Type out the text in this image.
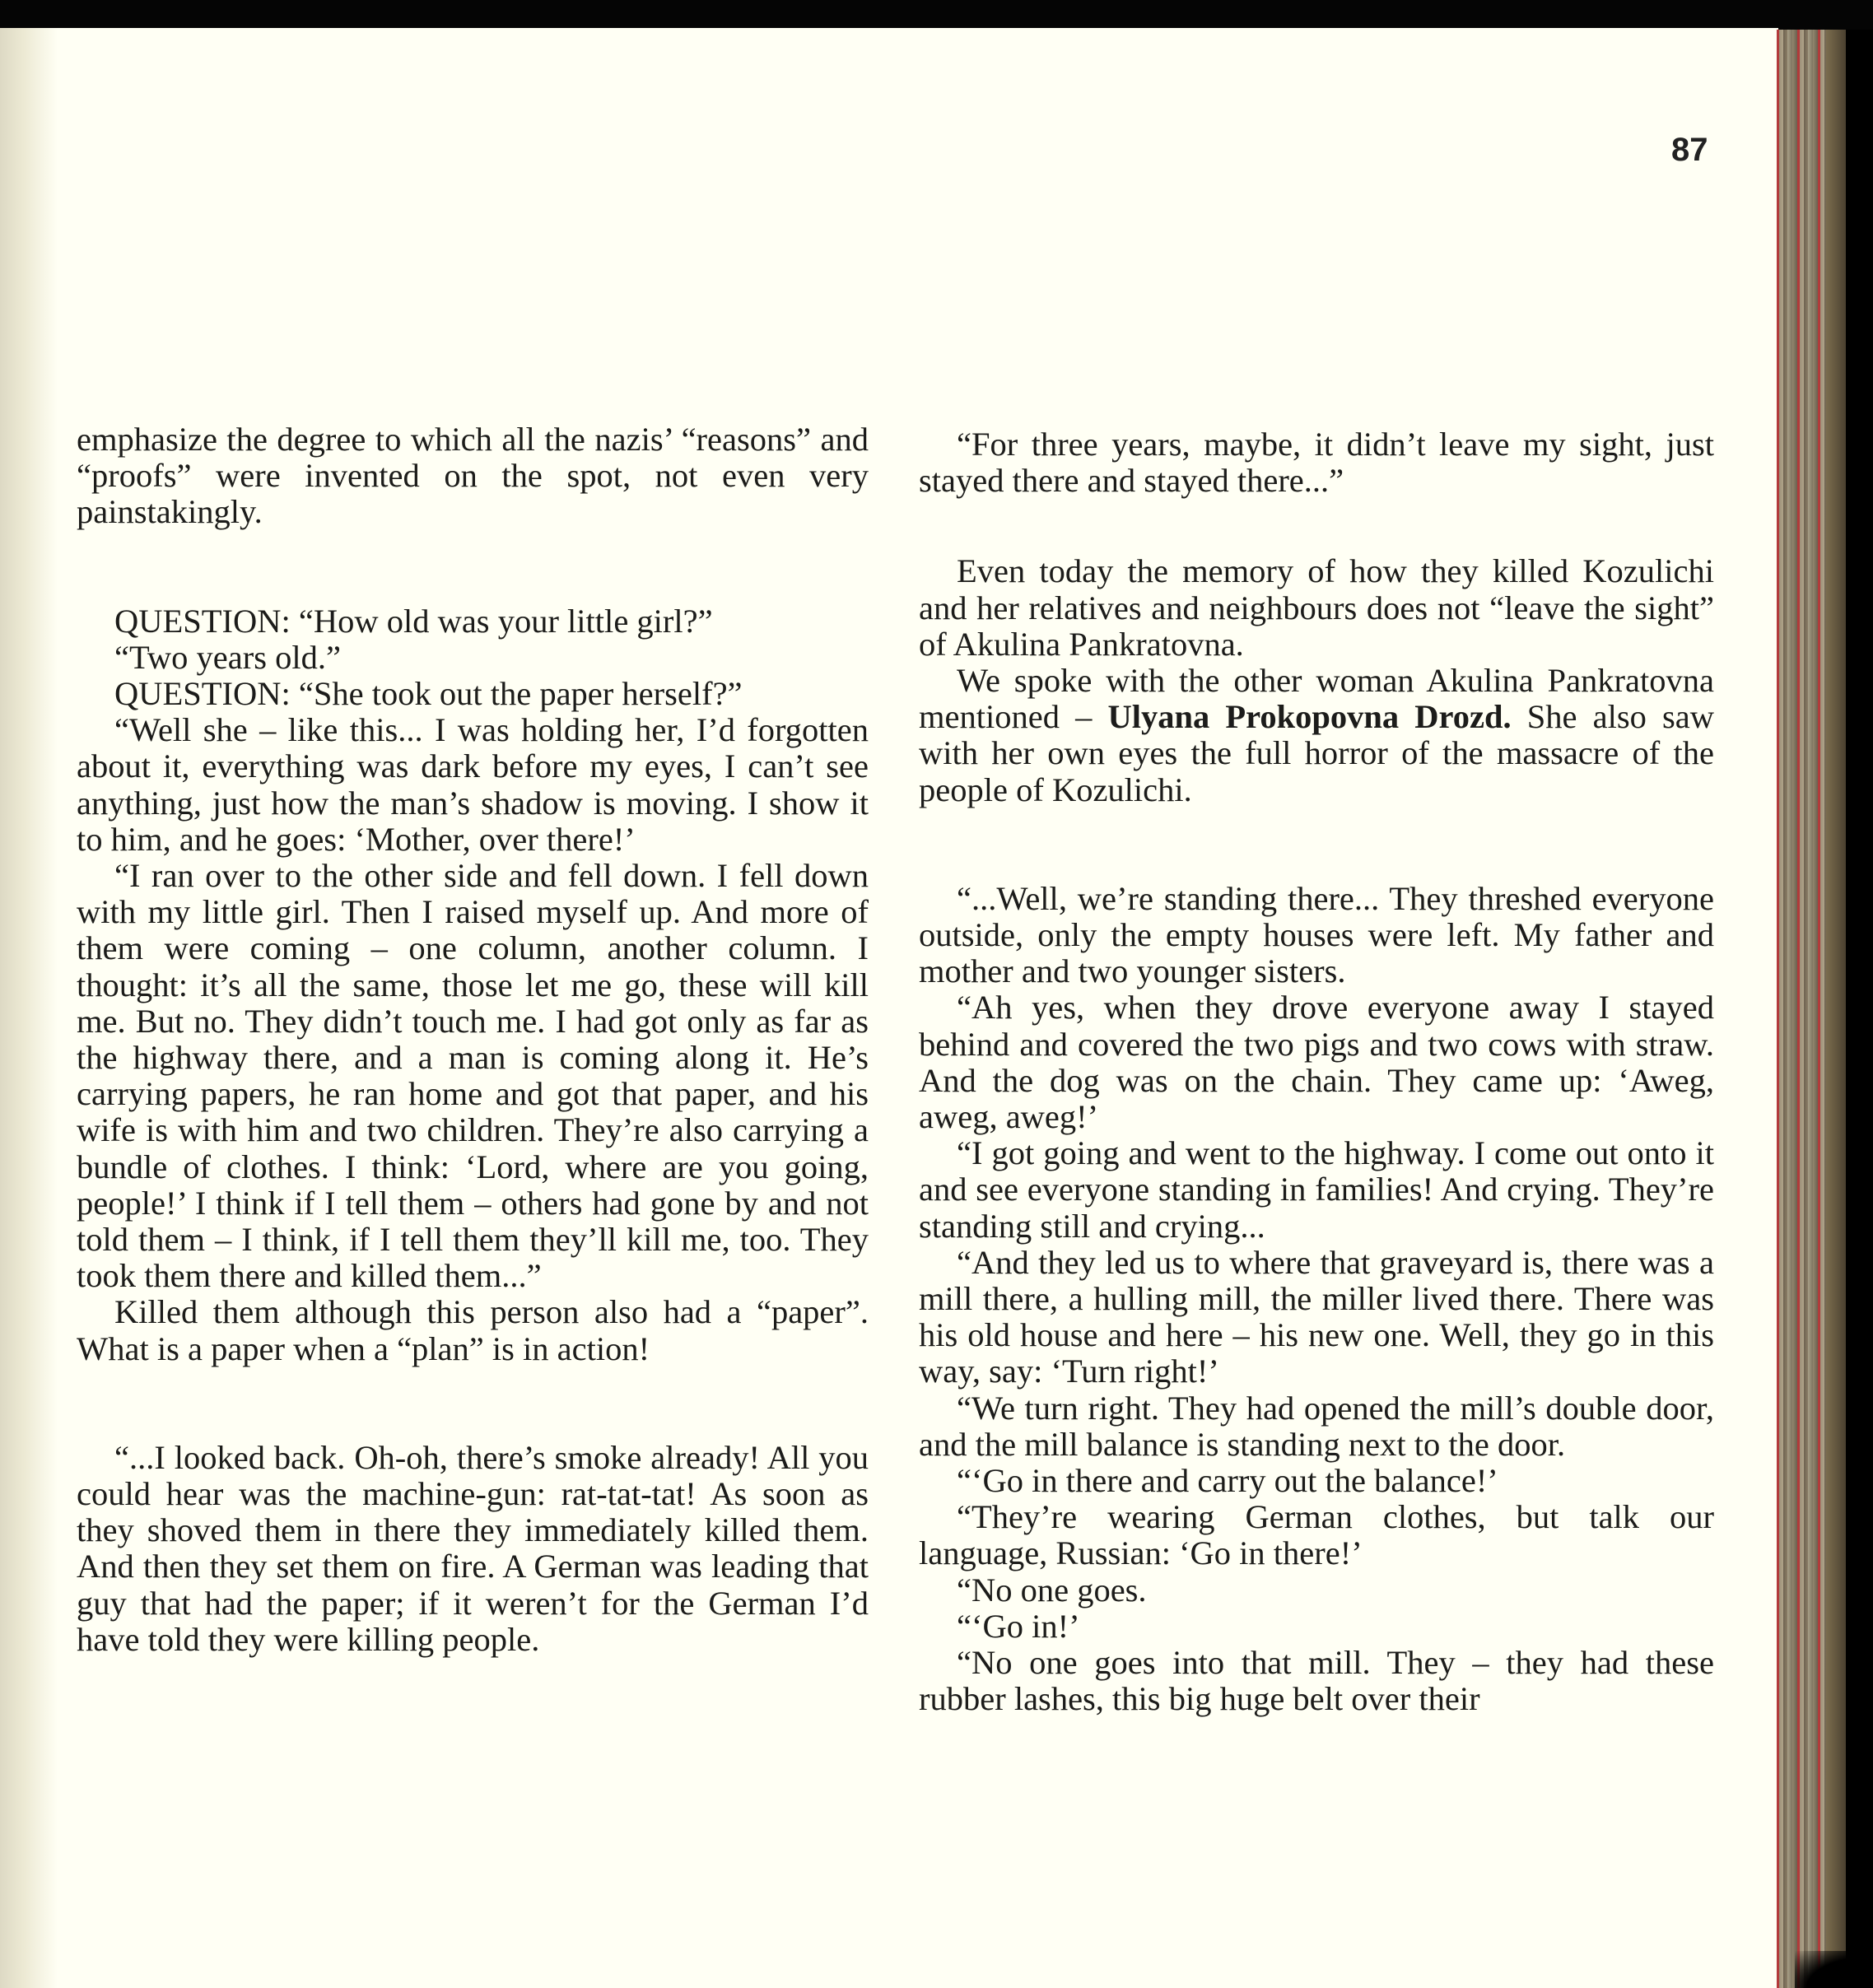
87

emphasize the degree to which all the nazis’ “reasons” and “proofs” were invented on the spot, not even very painstakingly.

QUESTION: “How old was your little girl?”

“Two years old.”

QUESTION: “She took out the paper herself?”

“Well she – like this... I was holding her, I’d forgotten about it, everything was dark before my eyes, I can’t see anything, just how the man’s shadow is moving. I show it to him, and he goes: ‘Mother, over there!’

“I ran over to the other side and fell down. I fell down with my little girl. Then I raised myself up. And more of them were coming – one column, another column. I thought: it’s all the same, those let me go, these will kill me. But no. They didn’t touch me. I had got only as far as the highway there, and a man is coming along it. He’s carrying papers, he ran home and got that paper, and his wife is with him and two children. They’re also carrying a bundle of clothes. I think: ‘Lord, where are you going, people!’ I think if I tell them – others had gone by and not told them – I think, if I tell them they’ll kill me, too. They took them there and killed them...”

Killed them although this person also had a “paper”. What is a paper when a “plan” is in action!

“...I looked back. Oh-oh, there’s smoke already! All you could hear was the machine-gun: rat-tat-tat! As soon as they shoved them in there they immediately killed them. And then they set them on fire. A German was leading that guy that had the paper; if it weren’t for the German I’d have told they were killing people.

“For three years, maybe, it didn’t leave my sight, just stayed there and stayed there...”

Even today the memory of how they killed Kozulichi and her relatives and neighbours does not “leave the sight” of Akulina Pankratovna.

We spoke with the other woman Akulina Pankratovna mentioned – Ulyana Prokopovna Drozd. She also saw with her own eyes the full horror of the massacre of the people of Kozulichi.

“...Well, we’re standing there... They threshed everyone outside, only the empty houses were left. My father and mother and two younger sisters.

“Ah yes, when they drove everyone away I stayed behind and covered the two pigs and two cows with straw. And the dog was on the chain. They came up: ‘Aweg, aweg, aweg!’

“I got going and went to the highway. I come out onto it and see everyone standing in families! And crying. They’re standing still and crying...

“And they led us to where that graveyard is, there was a mill there, a hulling mill, the miller lived there. There was his old house and here – his new one. Well, they go in this way, say: ‘Turn right!’

“We turn right. They had opened the mill’s double door, and the mill balance is standing next to the door.

“‘Go in there and carry out the balance!’

“They’re wearing German clothes, but talk our language, Russian: ‘Go in there!’

“No one goes.

“‘Go in!’

“No one goes into that mill. They – they had these rubber lashes, this big huge belt over their
